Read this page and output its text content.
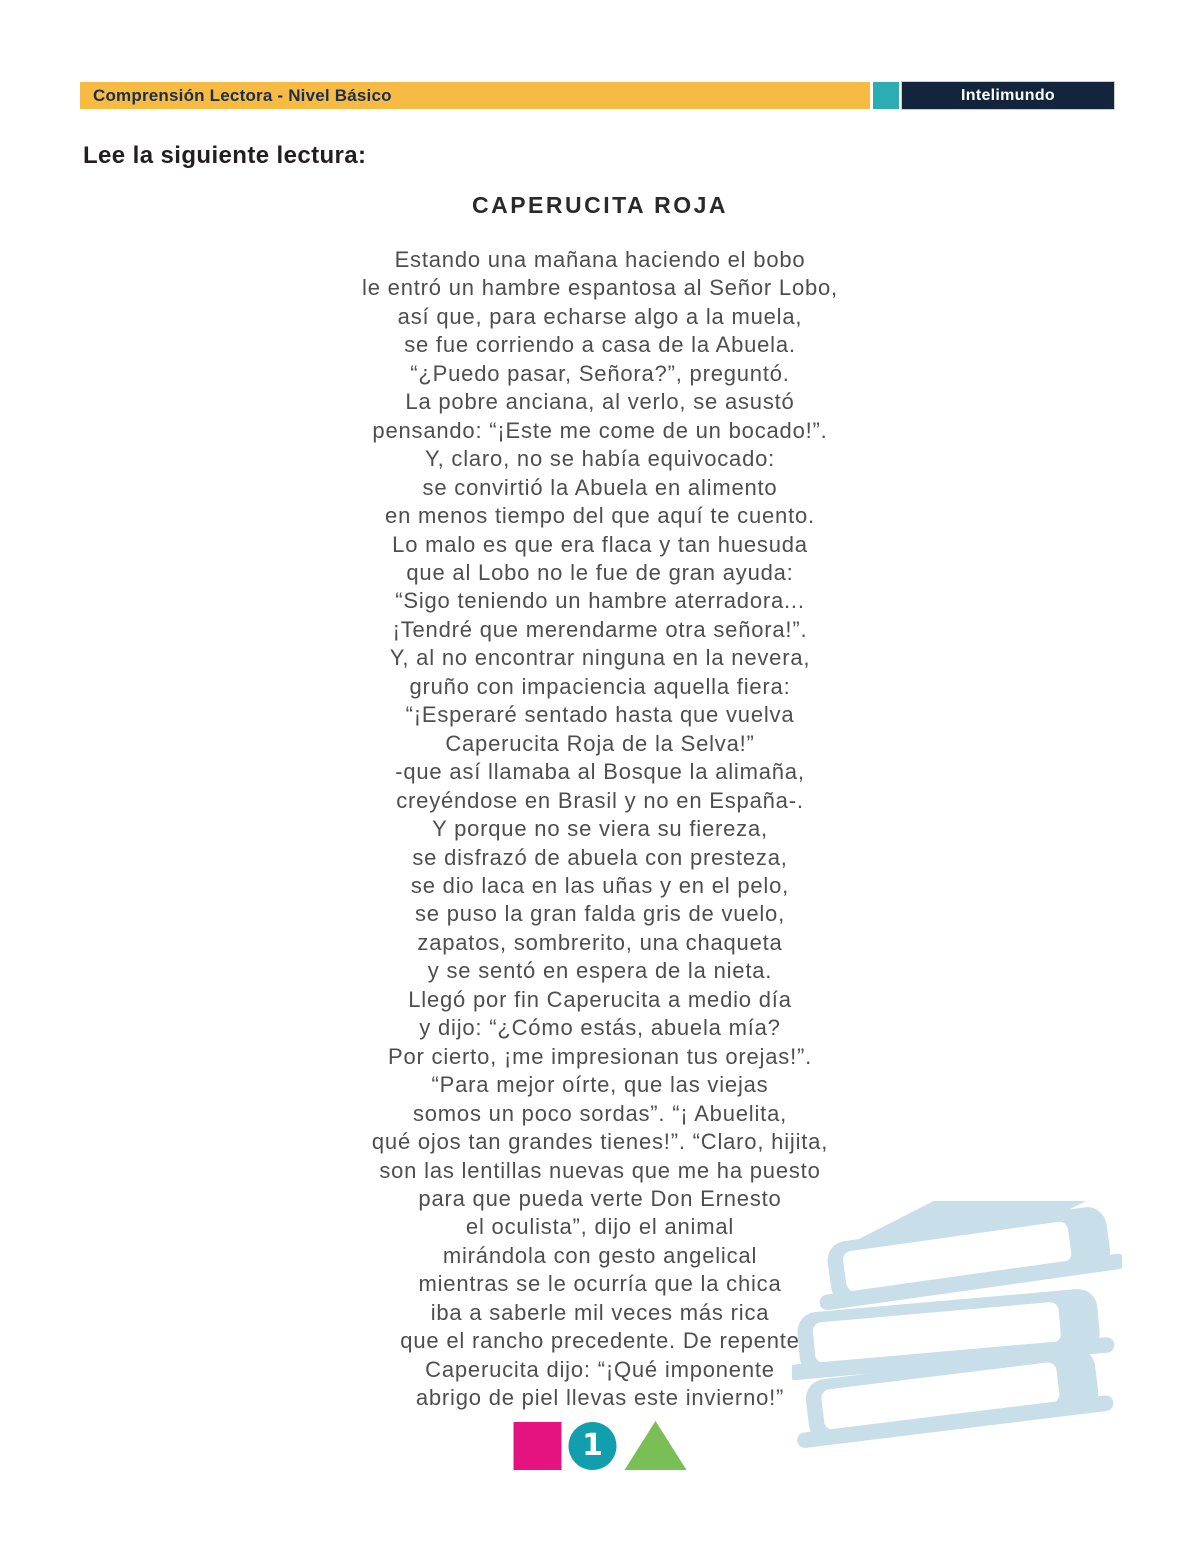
Comprensión Lectora - Nivel Básico	Intelimundo
Lee la siguiente lectura:
CAPERUCITA ROJA
Estando una mañana haciendo el bobo
le entró un hambre espantosa al Señor Lobo,
así que, para echarse algo a la muela,
se fue corriendo a casa de la Abuela.
“¿Puedo pasar, Señora?”, preguntó.
La pobre anciana, al verlo, se asustó
pensando: “¡Este me come de un bocado!”.
Y, claro, no se había equivocado:
se convirtió la Abuela en alimento
en menos tiempo del que aquí te cuento.
Lo malo es que era flaca y tan huesuda
que al Lobo no le fue de gran ayuda:
“Sigo teniendo un hambre aterradora...
¡Tendré que merendarme otra señora!”.
Y, al no encontrar ninguna en la nevera,
gruño con impaciencia aquella fiera:
“¡Esperaré sentado hasta que vuelva
Caperucita Roja de la Selva!”
-que así llamaba al Bosque la alimaña,
creyéndose en Brasil y no en España-.
Y porque no se viera su fiereza,
se disfrazó de abuela con presteza,
se dio laca en las uñas y en el pelo,
se puso la gran falda gris de vuelo,
zapatos, sombrerito, una chaqueta
y se sentó en espera de la nieta.
Llegó por fin Caperucita a medio día
y dijo: “¿Cómo estás, abuela mía?
Por cierto, ¡me impresionan tus orejas!”.
“Para mejor oírte, que las viejas
somos un poco sordas”. “¡ Abuelita,
qué ojos tan grandes tienes!”. “Claro, hijita,
son las lentillas nuevas que me ha puesto
para que pueda verte Don Ernesto
el oculista”, dijo el animal
mirándola con gesto angelical
mientras se le ocurría que la chica
iba a saberle mil veces más rica
que el rancho precedente. De repente
Caperucita dijo: “¡Qué imponente
abrigo de piel llevas este invierno!”
1
